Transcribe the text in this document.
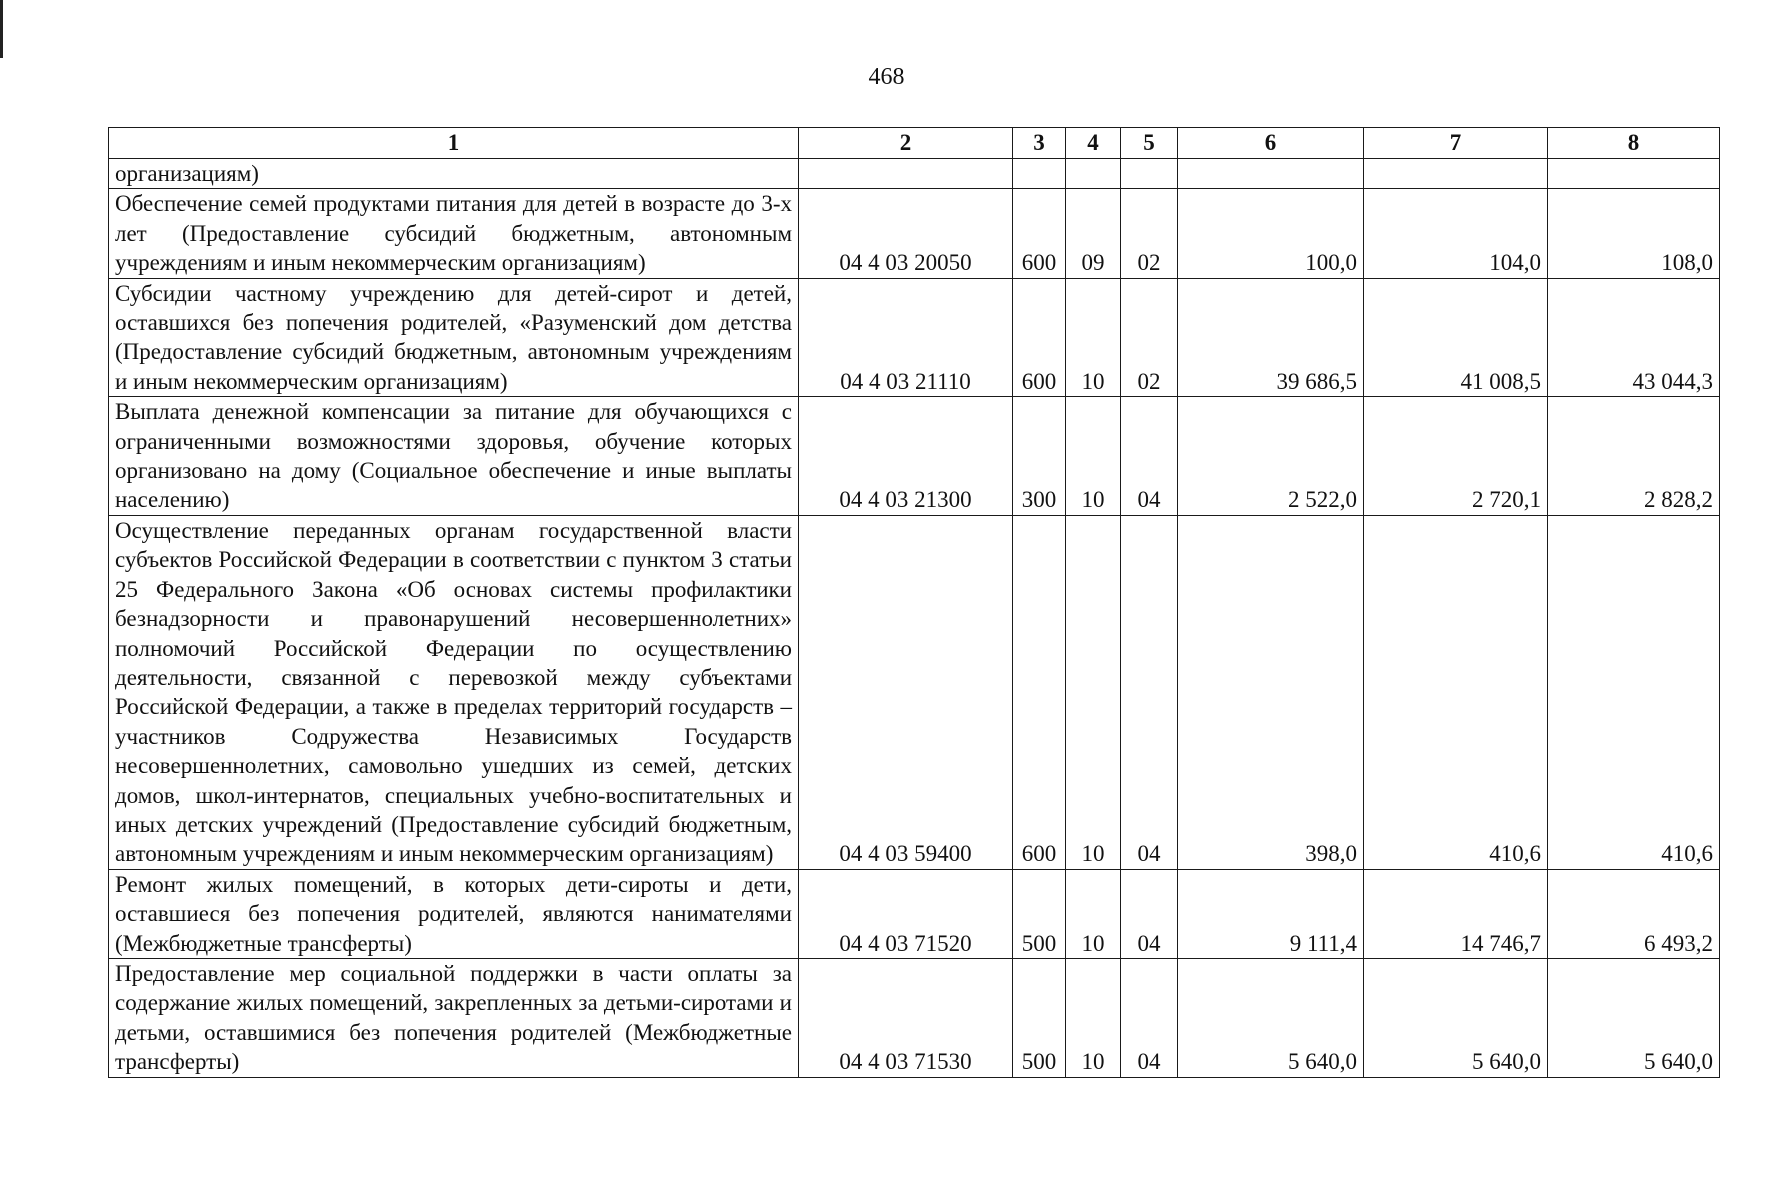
468
1	2	3	4	5	6	7	8
организациям)							
Обеспечение семей продуктами питания для детей в возрасте до 3-х лет (Предоставление субсидий бюджетным, автономным учреждениям и иным некоммерческим организациям)	04 4 03 20050	600	09	02	100,0	104,0	108,0
Субсидии частному учреждению для детей-сирот и детей, оставшихся без попечения родителей, «Разуменский дом детства (Предоставление субсидий бюджетным, автономным учреждениям и иным некоммерческим организациям)	04 4 03 21110	600	10	02	39 686,5	41 008,5	43 044,3
Выплата денежной компенсации за питание для обучающихся с ограниченными возможностями здоровья, обучение которых организовано на дому (Социальное обеспечение и иные выплаты населению)	04 4 03 21300	300	10	04	2 522,0	2 720,1	2 828,2
Осуществление переданных органам государственной власти субъектов Российской Федерации в соответствии с пунктом 3 статьи 25 Федерального Закона «Об основах системы профилактики безнадзорности и правонарушений несовершеннолетних» полномочий Российской Федерации по осуществлению деятельности, связанной с перевозкой между субъектами Российской Федерации, а также в пределах территорий государств – участников Содружества Независимых Государств несовершеннолетних, самовольно ушедших из семей, детских домов, школ-интернатов, специальных учебно-воспитательных и иных детских учреждений (Предоставление субсидий бюджетным, автономным учреждениям и иным некоммерческим организациям)	04 4 03 59400	600	10	04	398,0	410,6	410,6
Ремонт жилых помещений, в которых дети-сироты и дети, оставшиеся без попечения родителей, являются нанимателями (Межбюджетные трансферты)	04 4 03 71520	500	10	04	9 111,4	14 746,7	6 493,2
Предоставление мер социальной поддержки в части оплаты за содержание жилых помещений, закрепленных за детьми-сиротами и детьми, оставшимися без попечения родителей (Межбюджетные трансферты)	04 4 03 71530	500	10	04	5 640,0	5 640,0	5 640,0
